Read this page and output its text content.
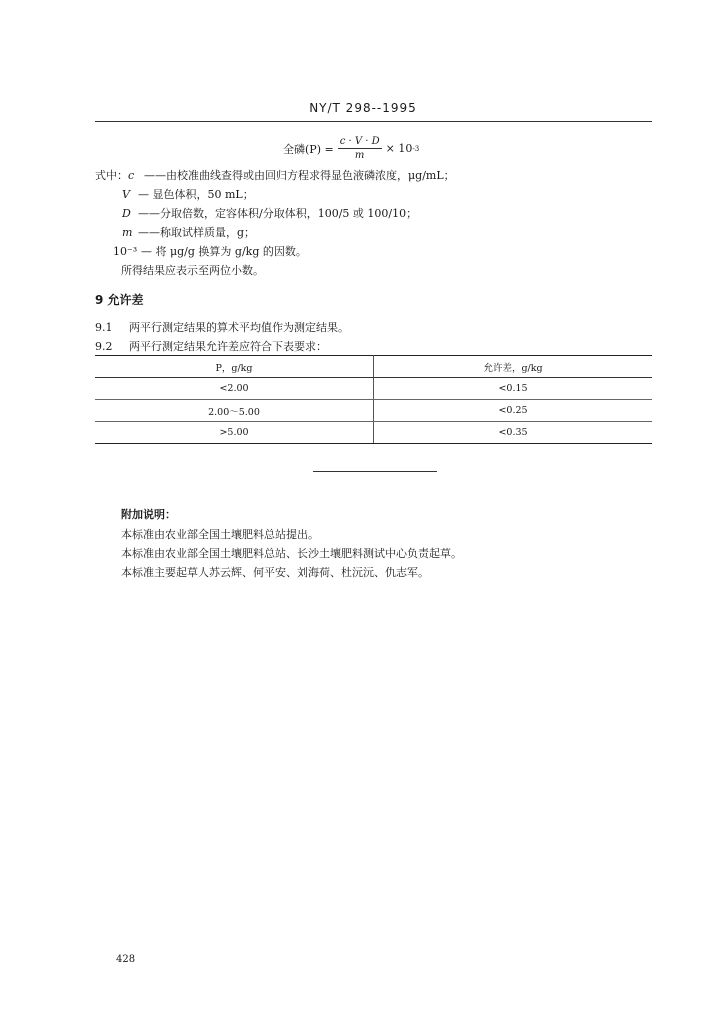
NY/T 298--1995
全磷$(P) = \frac{c \cdot V \cdot D}{m}$ ×
10 -3
式中：c ——由校准曲线查得或由回归方程求得显色液磷浓度，μg/mL；
V — 显色体积，50 mL；
D ——分取倍数，定容体积/分取体积，100/5 或 100/10；
m ——称取试样质量，g；
10⁻³ — 将 μg/g 换算为 g/kg 的因数。
所得结果应表示至两位小数。
9 允许差
9.1 两平行测定结果的算术平均值作为测定结果。
9.2 两平行测定结果允许差应符合下表要求：
P，g/kg	允许差，g/kg
<2.00	<0.15
2.00～5.00	<0.25
>5.00	<0.35
附加说明：
本标准由农业部全国土壤肥料总站提出。
本标准由农业部全国土壤肥料总站、长沙土壤肥料测试中心负责起草。
本标准主要起草人苏云辉、何平安、刘海荷、杜沅沅、仇志军。
428
